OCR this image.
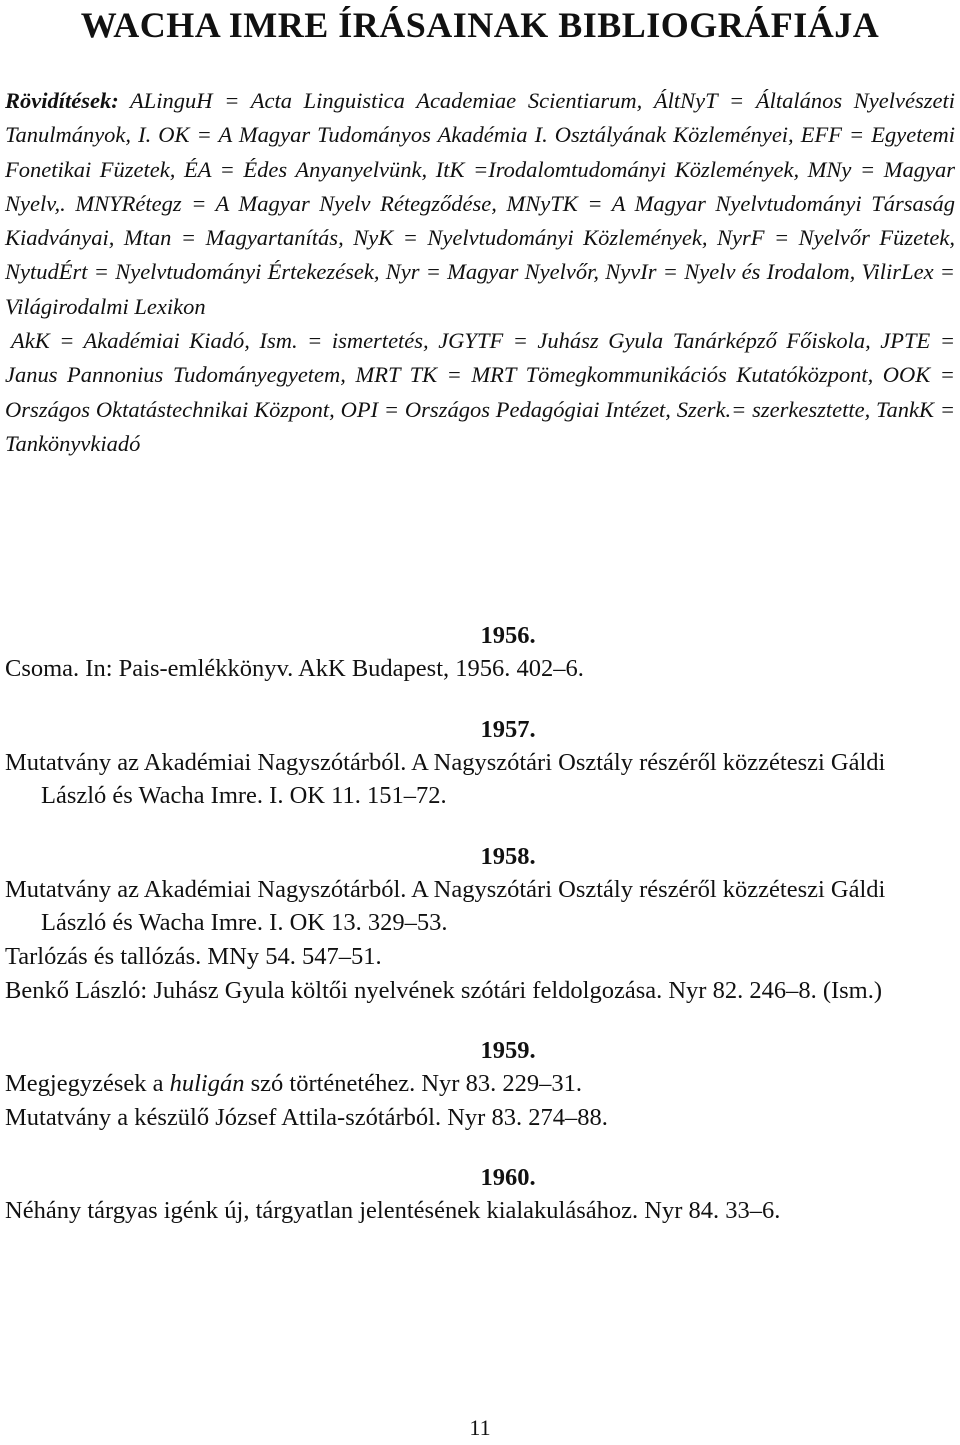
WACHA IMRE ÍRÁSAINAK BIBLIOGRÁFIÁJA

Rövidítések: ALinguH = Acta Linguistica Academiae Scientiarum, ÁltNyT = Általános Nyelvészeti Tanulmányok, I. OK = A Magyar Tudományos Akadémia I. Osztályának Közleményei, EFF = Egyetemi Fonetikai Füzetek, ÉA = Édes Anyanyelvünk, ItK =Irodalomtudományi Közlemények, MNy = Magyar Nyelv,. MNYRétegz = A Magyar Nyelv Rétegződése, MNyTK = A Magyar Nyelvtudományi Társaság Kiadványai, Mtan = Magyartanítás, NyK = Nyelvtudományi Közlemények, NyrF = Nyelvőr Füzetek, NytudÉrt = Nyelvtudományi Értekezések, Nyr = Magyar Nyelvőr, NyvIr = Nyelv és Irodalom, VilirLex = Világirodalmi Lexikon

AkK = Akadémiai Kiadó, Ism. = ismertetés, JGYTF = Juhász Gyula Tanárképző Főiskola, JPTE = Janus Pannonius Tudományegyetem, MRT TK = MRT Tömegkommunikációs Kutatóközpont, OOK = Országos Oktatástechnikai Központ, OPI = Országos Pedagógiai Intézet, Szerk.= szerkesztette, TankK = Tankönyvkiadó

1956.

Csoma. In: Pais-emlékkönyv. AkK Budapest, 1956. 402–6.

1957.

Mutatvány az Akadémiai Nagyszótárból. A Nagyszótári Osztály részéről közzéteszi Gáldi László és Wacha Imre. I. OK 11. 151–72.

1958.

Mutatvány az Akadémiai Nagyszótárból. A Nagyszótári Osztály részéről közzéteszi Gáldi László és Wacha Imre. I. OK 13. 329–53.

Tarlózás és tallózás. MNy 54. 547–51.

Benkő László: Juhász Gyula költői nyelvének szótári feldolgozása. Nyr 82. 246–8. (Ism.)

1959.

Megjegyzések a huligán szó történetéhez. Nyr 83. 229–31.

Mutatvány a készülő József Attila-szótárból. Nyr 83. 274–88.

1960.

Néhány tárgyas igénk új, tárgyatlan jelentésének kialakulásához. Nyr 84. 33–6.

11
